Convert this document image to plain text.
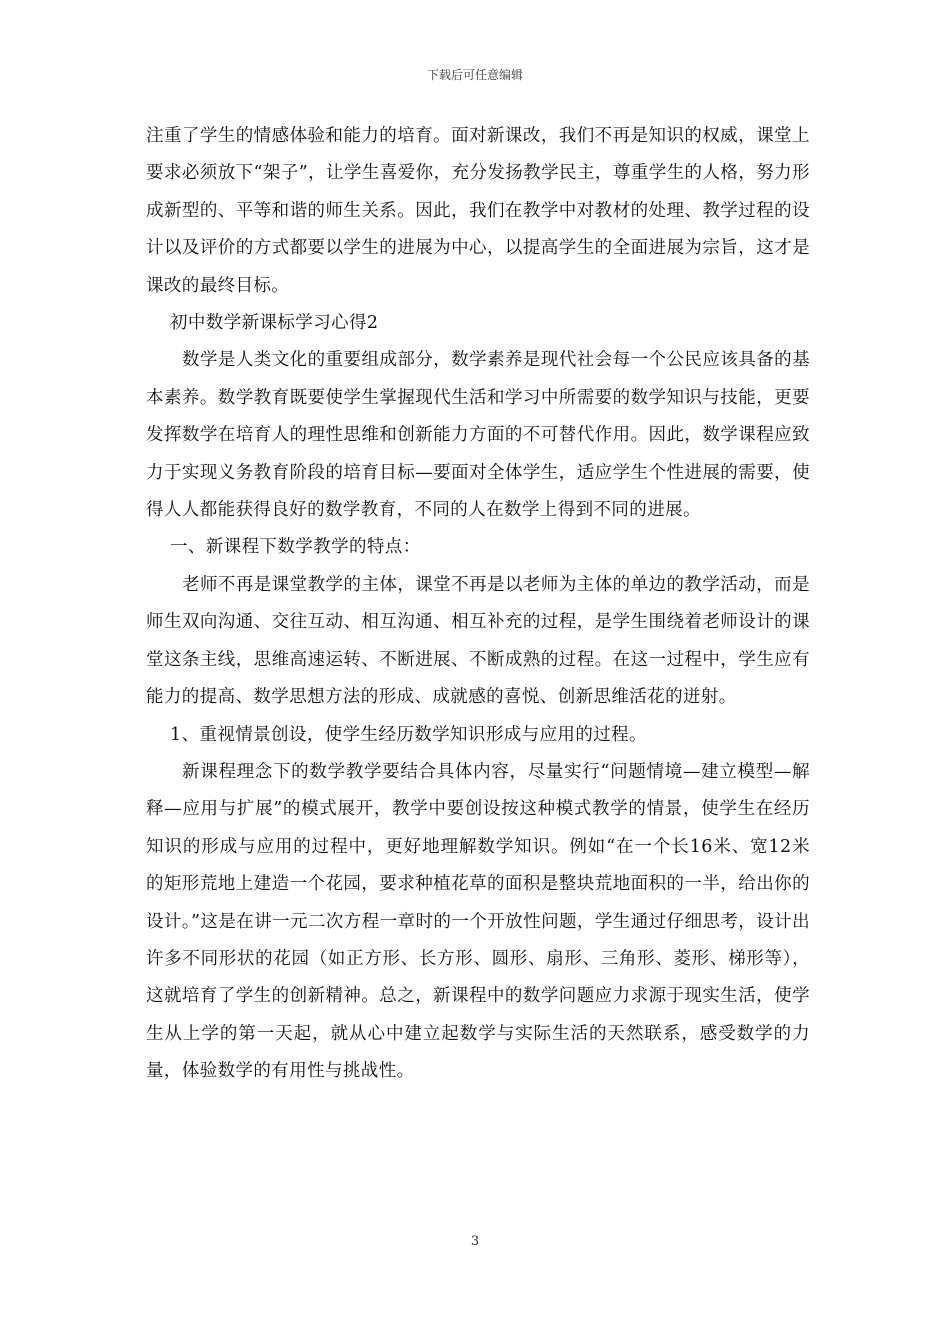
下载后可任意编辑

注重了学生的情感体验和能力的培育。面对新课改，我们不再是知识的权威，课堂上要求必须放下“架子”，让学生喜爱你，充分发扬教学民主，尊重学生的人格，努力形成新型的、平等和谐的师生关系。因此，我们在教学中对教材的处理、教学过程的设计以及评价的方式都要以学生的进展为中心，以提高学生的全面进展为宗旨，这才是课改的最终目标。

初中数学新课标学习心得2

数学是人类文化的重要组成部分，数学素养是现代社会每一个公民应该具备的基本素养。数学教育既要使学生掌握现代生活和学习中所需要的数学知识与技能，更要发挥数学在培育人的理性思维和创新能力方面的不可替代作用。因此，数学课程应致力于实现义务教育阶段的培育目标—要面对全体学生，适应学生个性进展的需要，使得人人都能获得良好的数学教育，不同的人在数学上得到不同的进展。

一、新课程下数学教学的特点：

老师不再是课堂教学的主体，课堂不再是以老师为主体的单边的教学活动，而是师生双向沟通、交往互动、相互沟通、相互补充的过程，是学生围绕着老师设计的课堂这条主线，思维高速运转、不断进展、不断成熟的过程。在这一过程中，学生应有能力的提高、数学思想方法的形成、成就感的喜悦、创新思维活花的迸射。

1、重视情景创设，使学生经历数学知识形成与应用的过程。

新课程理念下的数学教学要结合具体内容，尽量实行“问题情境—建立模型—解释—应用与扩展”的模式展开，教学中要创设按这种模式教学的情景，使学生在经历知识的形成与应用的过程中，更好地理解数学知识。例如“在一个长16米、宽12米的矩形荒地上建造一个花园，要求种植花草的面积是整块荒地面积的一半，给出你的设计。”这是在讲一元二次方程一章时的一个开放性问题，学生通过仔细思考，设计出许多不同形状的花园（如正方形、长方形、圆形、扇形、三角形、菱形、梯形等），这就培育了学生的创新精神。总之，新课程中的数学问题应力求源于现实生活，使学生从上学的第一天起，就从心中建立起数学与实际生活的天然联系，感受数学的力量，体验数学的有用性与挑战性。

3
